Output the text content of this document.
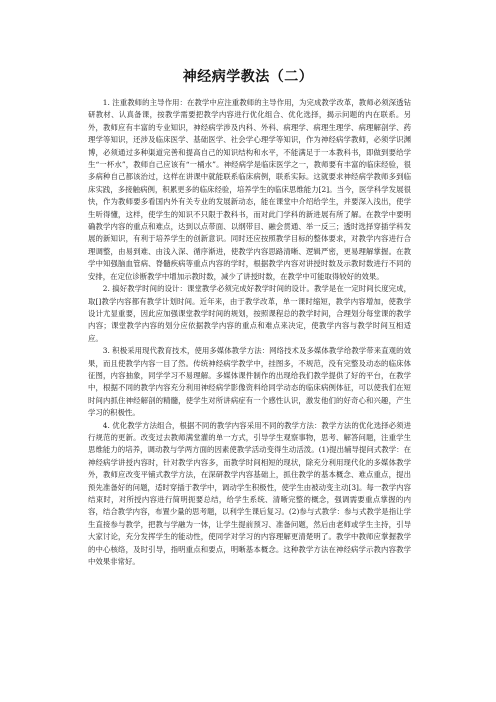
神经病学教法（二）

1. 注重教师的主导作用：在教学中应注重教师的主导作用，为完成教学改革，教师必须深透钻研教材、认真备课，按教学需要把教学内容进行优化组合、优化选择，揭示问题的内在联系。另外，教师应有丰富的专业知识，神经病学涉及内科、外科、病理学、病理生理学、病理解剖学、药理学等知识，还涉及临床医学、基础医学、社会学心理学等知识，作为神经病学教师，必须学识渊博，必须通过多种渠道完善和提高自己的知识结构和水平，不能满足于一本教科书，即做到要给学生“一杯水”，教师自己应该有“一桶水”。神经病学是临床医学之一，教师要有丰富的临床经验，很多病种自己都该治过，这样在讲课中就能联系临床病例，联系实际。这就要求神经病学教师多到临床实践，多接触病例，积累更多的临床经验，培养学生的临床思维能力[2]。当今，医学科学发展很快，作为教师要多看国内外有关专业的发展新动态，能在课堂中介绍给学生，并要深入浅出，使学生听得懂，这样，使学生的知识不只限于教科书，而对此门学科的新进展有所了解。在教学中要明确教学内容的重点和难点，达到以点带面、以纲带目、融会贯通、举一反三；透时选择穿插学科发展的新知识，有利于培养学生的创新意识。同时还应按照教学目标的整体要求，对教学内容进行合理调整，由易到难、由浅入深、循序渐进，使教学内容思路清晰、逻辑严密，更易理解掌握。在教学中知强脑血管病、脊髓疾病等重点内容的学时，根据教学内容对讲授时数及示教时数进行不同的安排，在定位诊断教学中增加示教时数，减少了讲授时数，在教学中可能取得较好的效果。

2. 搞好教学时间的设计：课堂教学必须完成好教学时间的设计。教学是在一定时间长度完成，取[]教学内容都有教学计划时间。近年来，由于教学改革，单一课时缩短，教学内容增加，使教学设计尤显重要，因此应加强课堂教学时间的规划，按照课程总的教学时间，合理划分每堂课的教学内容；课堂教学内容的划分应依据教学内容的重点和难点来决定，使教学内容与教学时间互相适应。

3. 积极采用现代教育技术，使用多媒体教学方法：网络技术及多媒体教学给教学带来直观的效果，而且使教学内容一目了然。传统神经病学教学中，挂图多，不规范，没有完整及动态的临床体征图，内容抽象，同学学习不易理解。多媒体课件制作的出现给我们教学提供了好的平台，在教学中，根据不同的教学内容充分利用神经病学影像资料给同学动态的临床病例体征，可以使我们在短时间内抓住神经解剖的精髓，使学生对所讲病症有一个感性认识，激发他们的好奇心和兴趣，产生学习的积极性。

4. 优化教学方法组合，根据不同的教学内容采用不同的教学方法：教学方法的优化选择必须进行规范的更新。改变过去教师满堂灌的单一方式，引导学生观察事物，思考、解答问题，注重学生思维能力的培养，调动教与学两方面的因素使教学活动变得生动活泼。(1)提出辅导提问式教学：在神经病学讲授内容时，针对教学内容多，而教学时间相短的现状，除充分利用现代化的多媒体教学外，教师应改变平铺式教学方法，在深研教学内容基础上，抓住教学的基本概念、难点重点，提出预先准备好的问题，适时穿插于教学中，调动学生积极性，使学生由被动变主动[3]。每一教学内容结束时，对所授内容进行简明扼要总结，给学生系统、清晰完整的概念，强调需要重点掌握的内容，结合教学内容，布置少量的思考题，以利学生课后复习。(2)参与式教学：参与式教学是指让学生直接参与教学，把教与学融为一体，让学生提前预习、准备问题，然后由老师或学生主持，引导大家讨论，充分发挥学生的能动性，使同学对学习的内容理解更清楚明了。教学中教师应掌握教学的中心核络，及时引导，指明重点和要点，明晰基本概念。这种教学方法在神经病学示教内容教学中效果非常好。
